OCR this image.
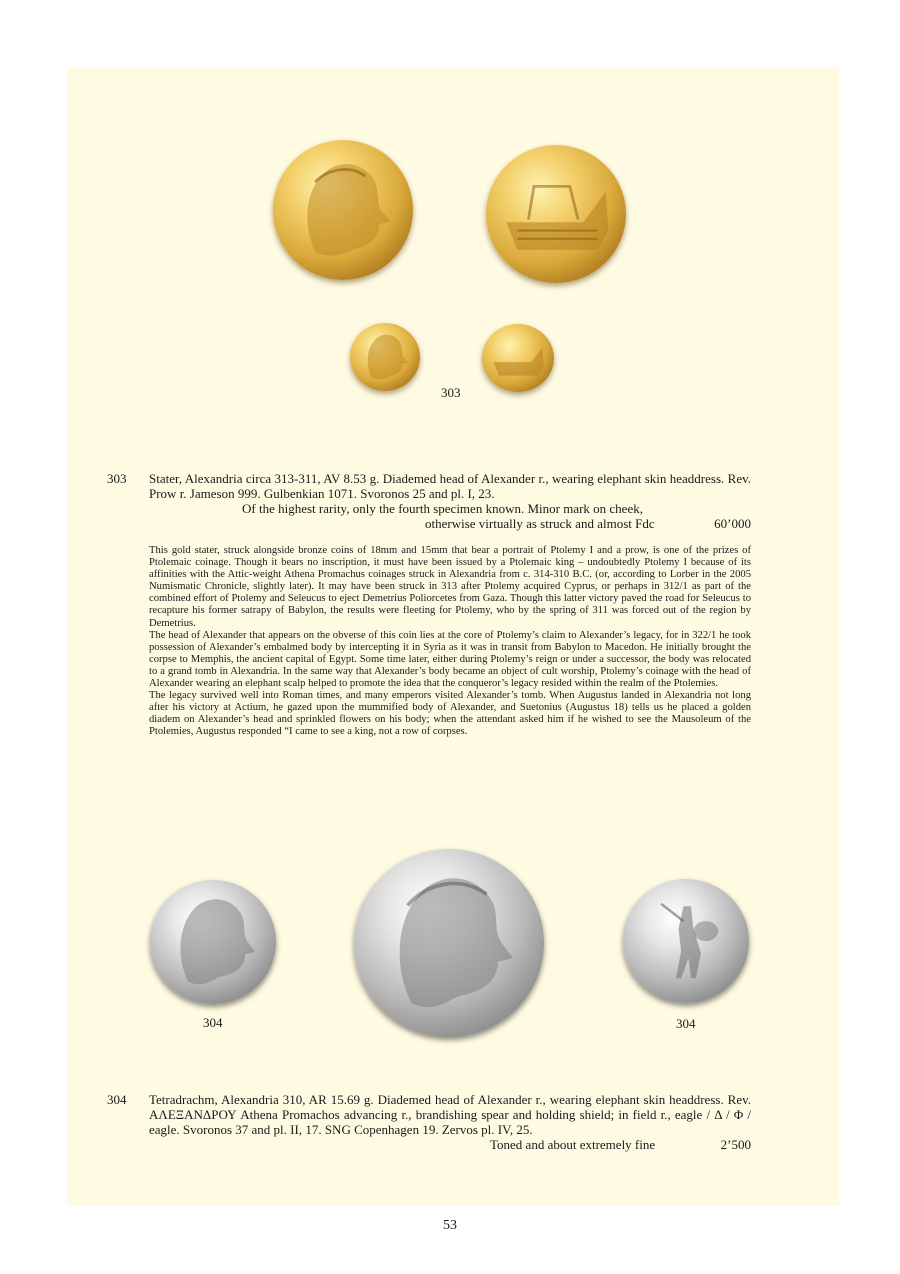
303
303 Stater, Alexandria circa 313-311, AV 8.53 g. Diademed head of Alexander r., wearing elephant skin headdress. Rev. Prow r. Jameson 999. Gulbenkian 1071. Svoronos 25 and pl. I, 23.
Of the highest rarity, only the fourth specimen known. Minor mark on cheek,
otherwise virtually as struck and almost Fdc	60’000

This gold stater, struck alongside bronze coins of 18mm and 15mm that bear a portrait of Ptolemy I and a prow, is one of the prizes of Ptolemaic coinage. Though it bears no inscription, it must have been issued by a Ptolemaic king – undoubtedly Ptolemy I because of its affinities with the Attic-weight Athena Promachus coinages struck in Alexandria from c. 314-310 B.C. (or, according to Lorber in the 2005 Numismatic Chronicle, slightly later). It may have been struck in 313 after Ptolemy acquired Cyprus, or perhaps in 312/1 as part of the combined effort of Ptolemy and Seleucus to eject Demetrius Poliorcetes from Gaza. Though this latter victory paved the road for Seleucus to recapture his former satrapy of Babylon, the results were fleeting for Ptolemy, who by the spring of 311 was forced out of the region by Demetrius.

The head of Alexander that appears on the obverse of this coin lies at the core of Ptolemy’s claim to Alexander’s legacy, for in 322/1 he took possession of Alexander’s embalmed body by intercepting it in Syria as it was in transit from Babylon to Macedon. He initially brought the corpse to Memphis, the ancient capital of Egypt. Some time later, either during Ptolemy’s reign or under a successor, the body was relocated to a grand tomb in Alexandria. In the same way that Alexander’s body became an object of cult worship, Ptolemy’s coinage with the head of Alexander wearing an elephant scalp helped to promote the idea that the conqueror’s legacy resided within the realm of the Ptolemies.

The legacy survived well into Roman times, and many emperors visited Alexander’s tomb. When Augustus landed in Alexandria not long after his victory at Actium, he gazed upon the mummified body of Alexander, and Suetonius (Augustus 18) tells us he placed a golden diadem on Alexander’s head and sprinkled flowers on his body; when the attendant asked him if he wished to see the Mausoleum of the Ptolemies, Augustus responded “I came to see a king, not a row of corpses.

304	304
304 Tetradrachm, Alexandria 310, AR 15.69 g. Diademed head of Alexander r., wearing elephant skin headdress. Rev. ΑΛΕΞΑΝΔΡΟΥ Athena Promachos advancing r., brandishing spear and holding shield; in field r., eagle / Δ / Φ / eagle. Svoronos 37 and pl. II, 17. SNG Copenhagen 19. Zervos pl. IV, 25.
Toned and about extremely fine	2’500
53
